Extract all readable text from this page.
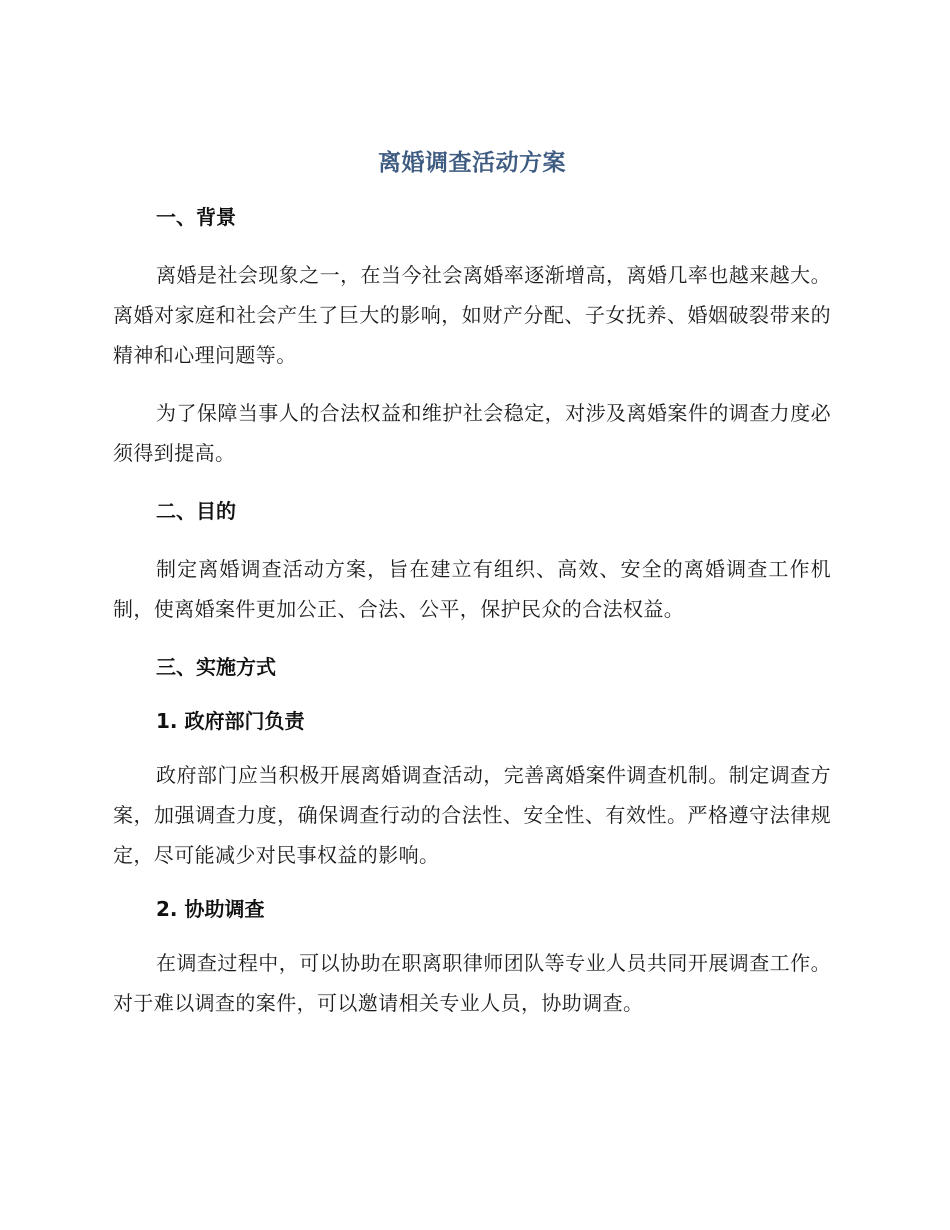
离婚调查活动方案
一、背景

离婚是社会现象之一，在当今社会离婚率逐渐增高，离婚几率也越来越大。离婚对家庭和社会产生了巨大的影响，如财产分配、子女抚养、婚姻破裂带来的精神和心理问题等。

为了保障当事人的合法权益和维护社会稳定，对涉及离婚案件的调查力度必须得到提高。

二、目的

制定离婚调查活动方案，旨在建立有组织、高效、安全的离婚调查工作机制，使离婚案件更加公正、合法、公平，保护民众的合法权益。

三、实施方式
1. 政府部门负责

政府部门应当积极开展离婚调查活动，完善离婚案件调查机制。制定调查方案，加强调查力度，确保调查行动的合法性、安全性、有效性。严格遵守法律规定，尽可能减少对民事权益的影响。

2. 协助调查

在调查过程中，可以协助在职离职律师团队等专业人员共同开展调查工作。对于难以调查的案件，可以邀请相关专业人员，协助调查。
